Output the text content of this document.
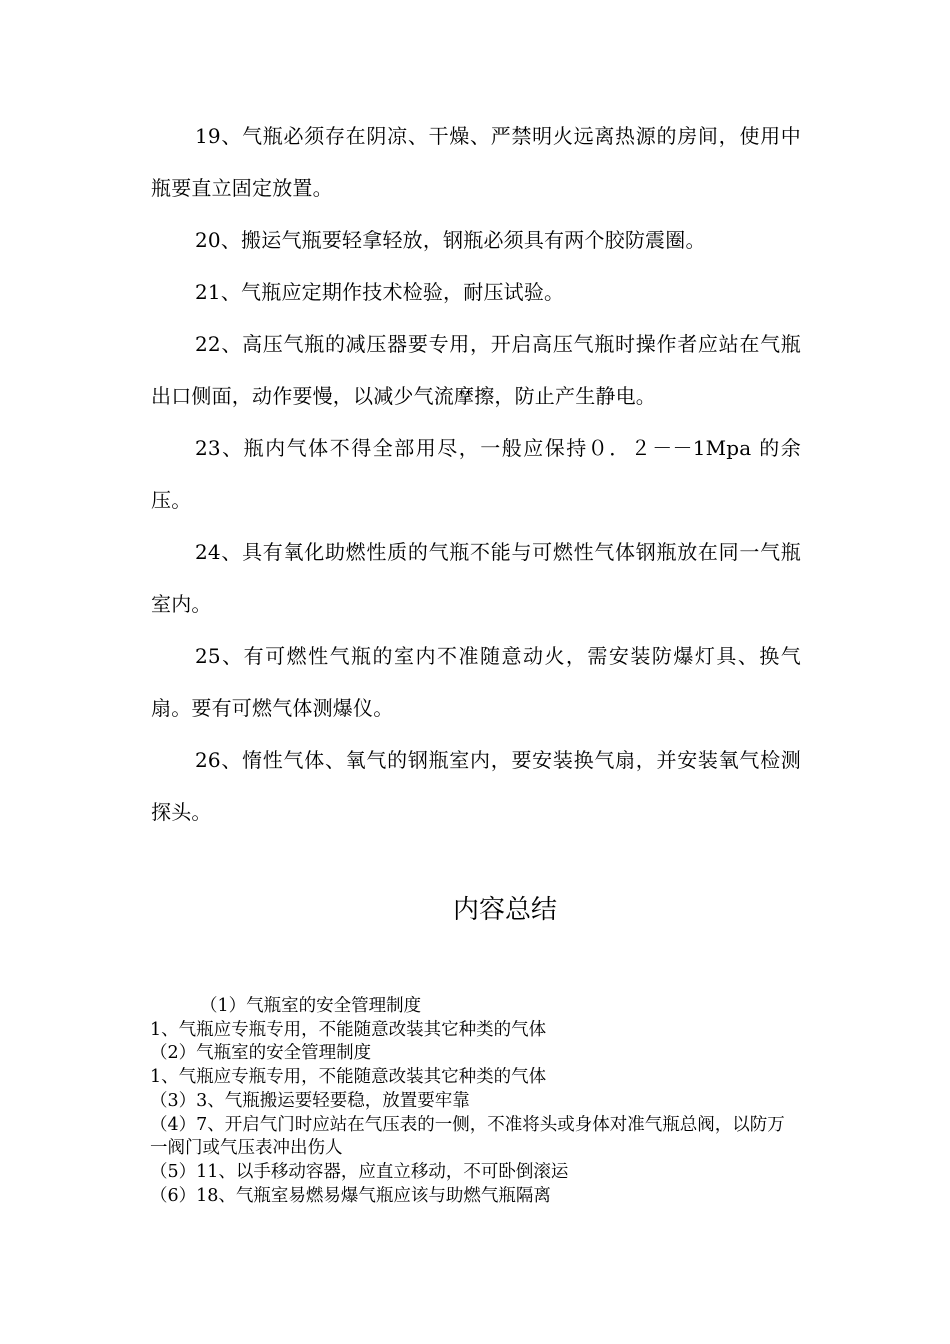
19、气瓶必须存在阴凉、干燥、严禁明火远离热源的房间，使用中瓶要直立固定放置。

20、搬运气瓶要轻拿轻放，钢瓶必须具有两个胶防震圈。

21、气瓶应定期作技术检验，耐压试验。

22、高压气瓶的减压器要专用，开启高压气瓶时操作者应站在气瓶出口侧面，动作要慢，以减少气流摩擦，防止产生静电。

23、瓶内气体不得全部用尽，一般应保持０．２－－1Mpa 的余压。

24、具有氧化助燃性质的气瓶不能与可燃性气体钢瓶放在同一气瓶室内。

25、有可燃性气瓶的室内不准随意动火，需安装防爆灯具、换气扇。要有可燃气体测爆仪。

26、惰性气体、氧气的钢瓶室内，要安装换气扇，并安装氧气检测探头。

内容总结
（1）气瓶室的安全管理制度
1、气瓶应专瓶专用，不能随意改装其它种类的气体
（2）气瓶室的安全管理制度
1、气瓶应专瓶专用，不能随意改装其它种类的气体
（3）3、气瓶搬运要轻要稳，放置要牢靠
（4）7、开启气门时应站在气压表的一侧，不准将头或身体对准气瓶总阀，以防万一阀门或气压表冲出伤人
（5）11、以手移动容器，应直立移动，不可卧倒滚运
（6）18、气瓶室易燃易爆气瓶应该与助燃气瓶隔离
